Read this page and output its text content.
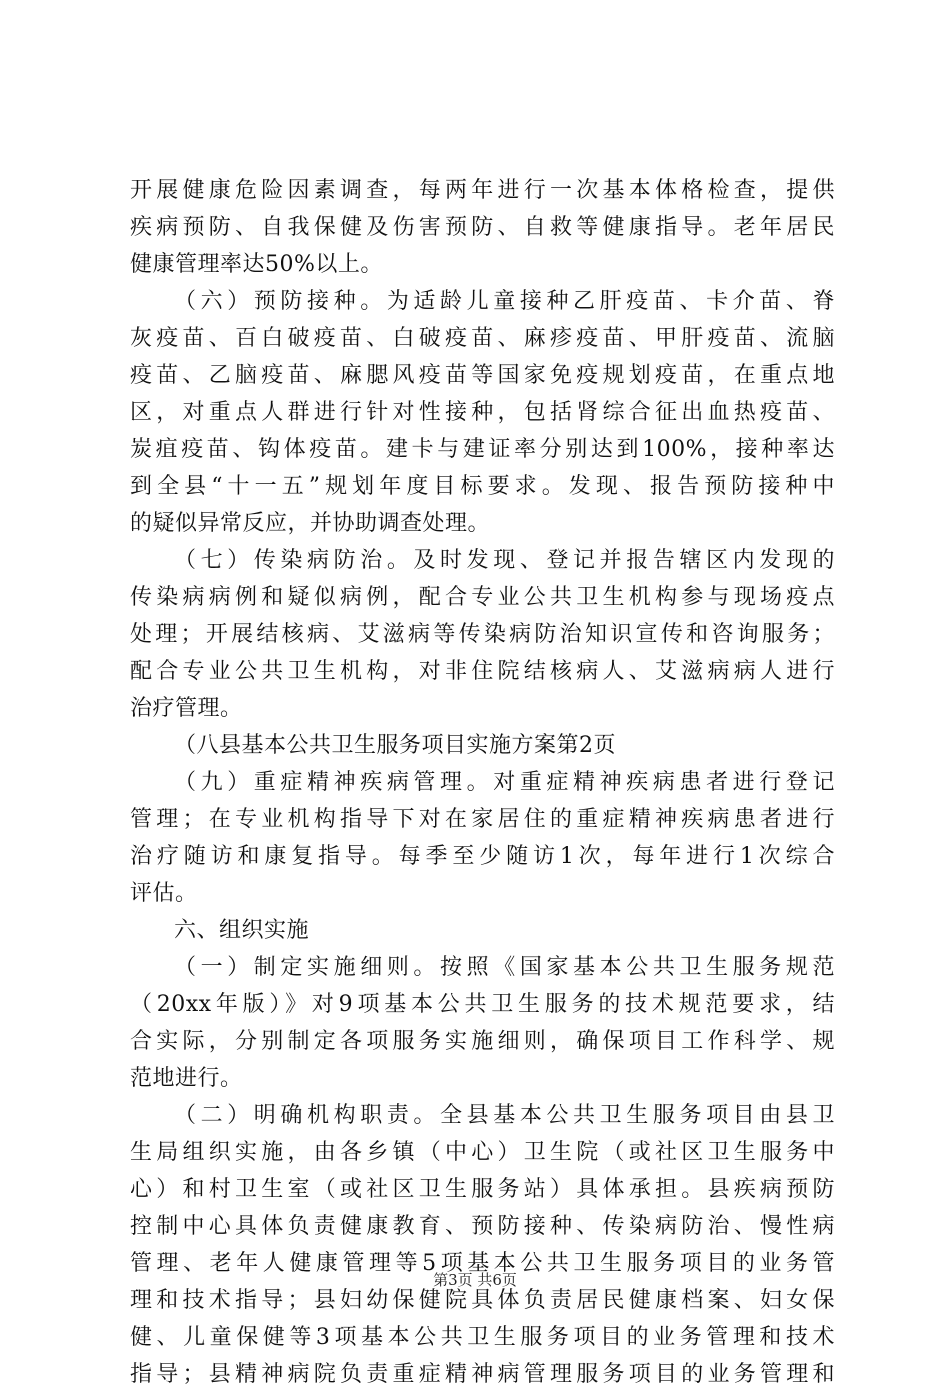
开展健康危险因素调查，每两年进行一次基本体格检查，提供
疾病预防、自我保健及伤害预防、自救等健康指导。老年居民
健康管理率达50%以上。
（六）预防接种。为适龄儿童接种乙肝疫苗、卡介苗、脊
灰疫苗、百白破疫苗、白破疫苗、麻疹疫苗、甲肝疫苗、流脑
疫苗、乙脑疫苗、麻腮风疫苗等国家免疫规划疫苗，在重点地
区，对重点人群进行针对性接种，包括肾综合征出血热疫苗、
炭疽疫苗、钩体疫苗。建卡与建证率分别达到100%，接种率达
到全县“十一五”规划年度目标要求。发现、报告预防接种中
的疑似异常反应，并协助调查处理。
（七）传染病防治。及时发现、登记并报告辖区内发现的
传染病病例和疑似病例，配合专业公共卫生机构参与现场疫点
处理；开展结核病、艾滋病等传染病防治知识宣传和咨询服务；
配合专业公共卫生机构，对非住院结核病人、艾滋病病人进行
治疗管理。
（八县基本公共卫生服务项目实施方案第2页
（九）重症精神疾病管理。对重症精神疾病患者进行登记
管理；在专业机构指导下对在家居住的重症精神疾病患者进行
治疗随访和康复指导。每季至少随访1次，每年进行1次综合
评估。
六、组织实施
（一）制定实施细则。按照《国家基本公共卫生服务规范
（20xx年版）》对9项基本公共卫生服务的技术规范要求，结
合实际，分别制定各项服务实施细则，确保项目工作科学、规
范地进行。
（二）明确机构职责。全县基本公共卫生服务项目由县卫
生局组织实施，由各乡镇（中心）卫生院（或社区卫生服务中
心）和村卫生室（或社区卫生服务站）具体承担。县疾病预防
控制中心具体负责健康教育、预防接种、传染病防治、慢性病
管理、老年人健康管理等5项基本公共卫生服务项目的业务管
理和技术指导；县妇幼保健院具体负责居民健康档案、妇女保
健、儿童保健等3项基本公共卫生服务项目的业务管理和技术
指导；县精神病院负责重症精神病管理服务项目的业务管理和
第3页 共6页
